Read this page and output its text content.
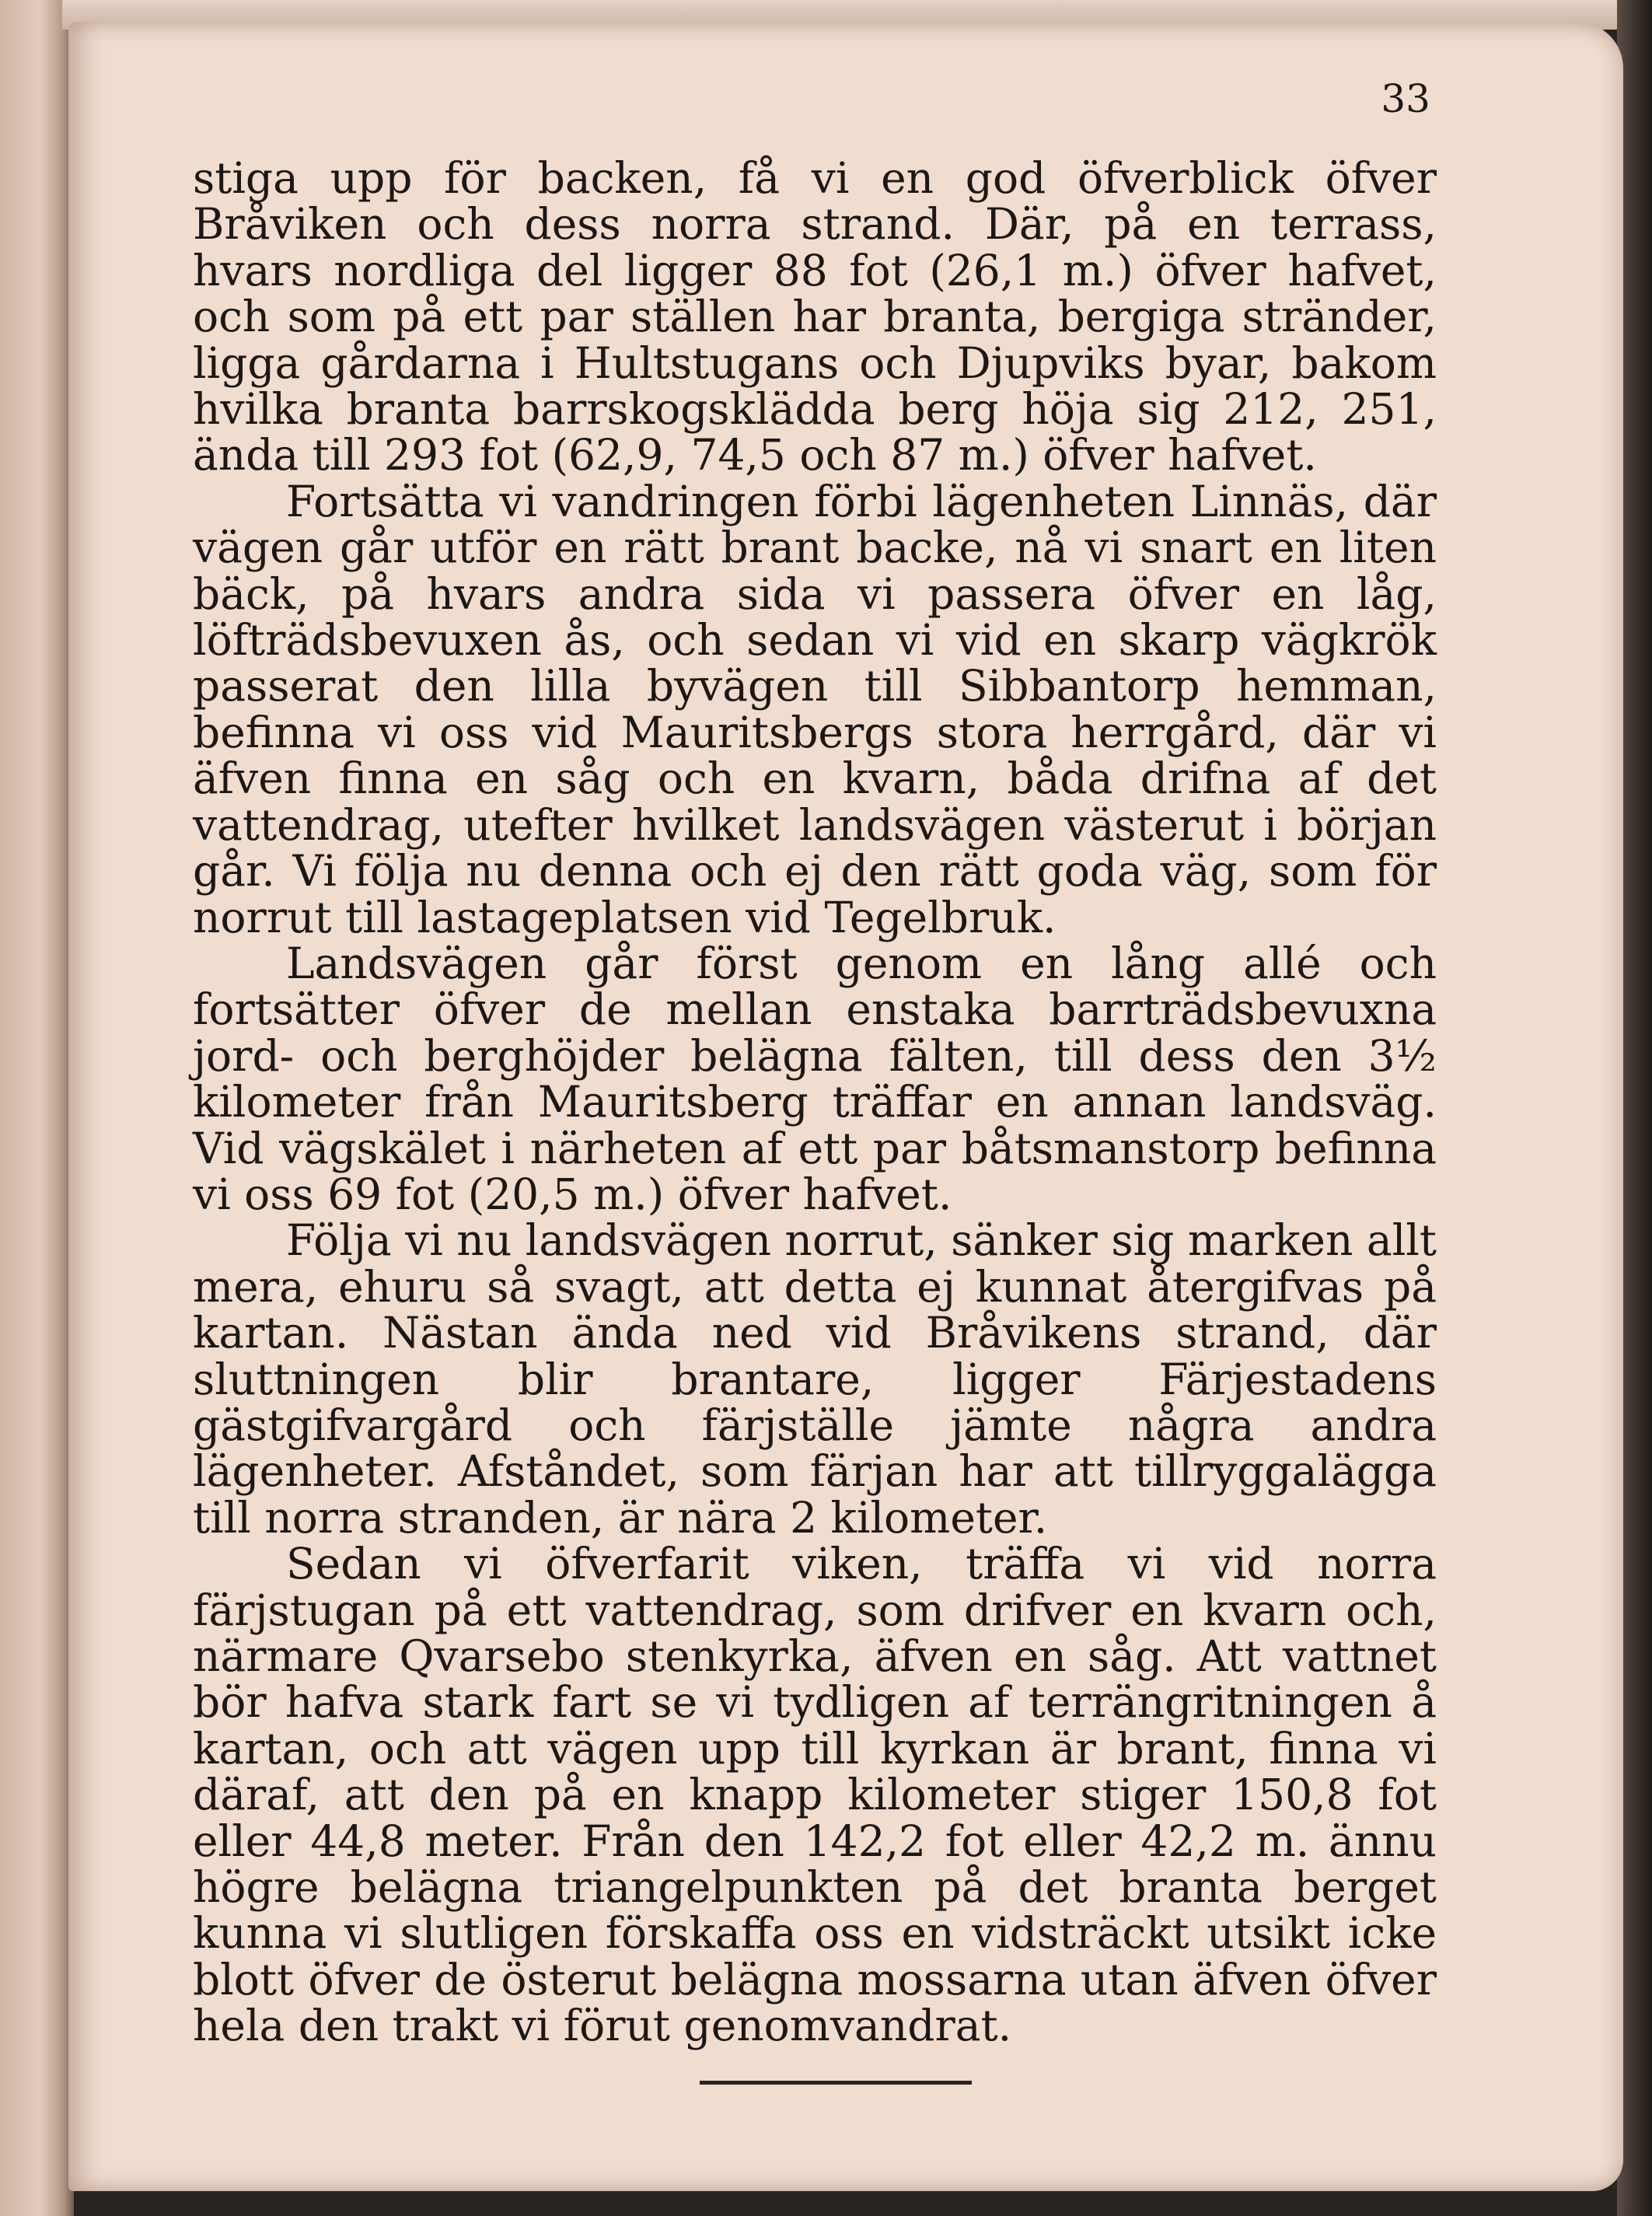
33

stiga upp för backen, få vi en god öfverblick öfver Bråviken och dess norra strand. Där, på en terrass, hvars nordliga del ligger 88 fot (26,1 m.) öfver hafvet, och som på ett par ställen har branta, bergiga stränder, ligga gårdarna i Hultstugans och Djupviks byar, bakom hvilka branta barrskogsklädda berg höja sig 212, 251, ända till 293 fot (62,9, 74,5 och 87 m.) öfver hafvet.

Fortsätta vi vandringen förbi lägenheten Linnäs, där vägen går utför en rätt brant backe, nå vi snart en liten bäck, på hvars andra sida vi passera öfver en låg, löfträdsbevuxen ås, och sedan vi vid en skarp vägkrök passerat den lilla byvägen till Sibbantorp hemman, befinna vi oss vid Mauritsbergs stora herrgård, där vi äfven finna en såg och en kvarn, båda drifna af det vattendrag, utefter hvilket landsvägen västerut i början går. Vi följa nu denna och ej den rätt goda väg, som för norrut till lastageplatsen vid Tegelbruk.

Landsvägen går först genom en lång allé och fortsätter öfver de mellan enstaka barrträdsbevuxna jord- och berghöjder belägna fälten, till dess den 3½ kilometer från Mauritsberg träffar en annan landsväg. Vid vägskälet i närheten af ett par båtsmanstorp befinna vi oss 69 fot (20,5 m.) öfver hafvet.

Följa vi nu landsvägen norrut, sänker sig marken allt mera, ehuru så svagt, att detta ej kunnat återgifvas på kartan. Nästan ända ned vid Bråvikens strand, där sluttningen blir brantare, ligger Färjestadens gästgifvargård och färjställe jämte några andra lägenheter. Afståndet, som färjan har att tillryggalägga till norra stranden, är nära 2 kilometer.

Sedan vi öfverfarit viken, träffa vi vid norra färjstugan på ett vattendrag, som drifver en kvarn och, närmare Qvarsebo stenkyrka, äfven en såg. Att vattnet bör hafva stark fart se vi tydligen af terrängritningen å kartan, och att vägen upp till kyrkan är brant, finna vi däraf, att den på en knapp kilometer stiger 150,8 fot eller 44,8 meter. Från den 142,2 fot eller 42,2 m. ännu högre belägna triangelpunkten på det branta berget kunna vi slutligen förskaffa oss en vidsträckt utsikt icke blott öfver de österut belägna mossarna utan äfven öfver hela den trakt vi förut genomvandrat.
